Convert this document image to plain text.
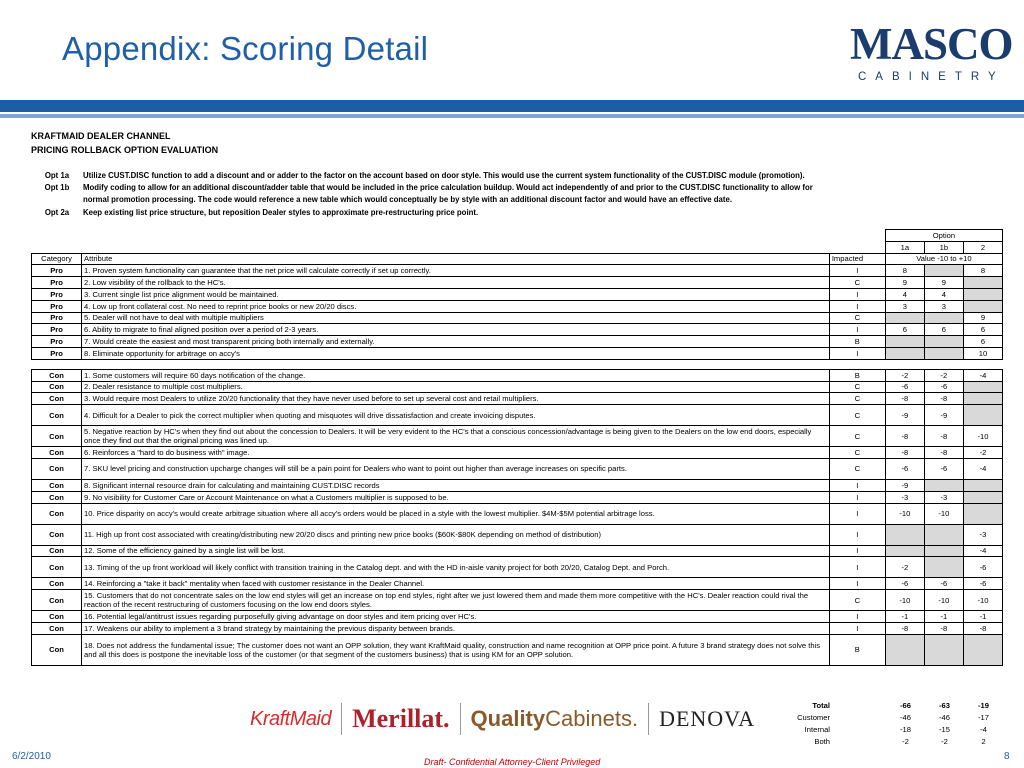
Appendix: Scoring Detail	MASCO
CABINETRY
KRAFTMAID DEALER CHANNEL
PRICING ROLLBACK OPTION EVALUATION
Opt 1a	Utilize CUST.DISC function to add a discount and or adder to the factor on the account based on door style. This would use the current system functionality of the CUST.DISC module (promotion).
Opt 1b	Modify coding to allow for an additional discount/adder table that would be included in the price calculation buildup. Would act independently of and prior to the CUST.DISC functionality to allow for normal promotion processing. The code would reference a new table which would conceptually be by style with an additional discount factor and would have an effective date.
Opt 2a	Keep existing list price structure, but reposition Dealer styles to approximate pre-restructuring price point.
			Option		
			1a	1b	2
Category	Attribute	Impacted	Value -10 to +10		
Pro	1. Proven system functionality can guarantee that the net price will calculate correctly if set up correctly.	I	8		8
Pro	2. Low visibility of the rollback to the HC's.	C	9	9	
Pro	3. Current single list price alignment would be maintained.	I	4	4	
Pro	4. Low up front collateral cost. No need to reprint price books or new 20/20 discs.	I	3	3	
Pro	5. Dealer will not have to deal with multiple multipliers	C			9
Pro	6. Ability to migrate to final aligned position over a period of 2-3 years.	I	6	6	6
Pro	7. Would create the easiest and most transparent pricing both internally and externally.	B			6
Pro	8. Eliminate opportunity for arbitrage on accy's	I			10

Con	1. Some customers will require 60 days notification of the change.	B	-2	-2	-4
Con	2. Dealer resistance to multiple cost multipliers.	C	-6	-6	
Con	3. Would require most Dealers to utilize 20/20 functionality that they have never used before to set up several cost and retail multipliers.	C	-8	-8	
Con	4. Difficult for a Dealer to pick the correct multiplier when quoting and misquotes will drive dissatisfaction and create invoicing disputes.	C	-9	-9	
Con	5. Negative reaction by HC's when they find out about the concession to Dealers. It will be very evident to the HC's that a conscious concession/advantage is being given to the Dealers on the low end doors, especially once they find out that the original pricing was lined up.	C	-8	-8	-10
Con	6. Reinforces a "hard to do business with" image.	C	-8	-8	-2
Con	7. SKU level pricing and construction upcharge changes will still be a pain point for Dealers who want to point out higher than average increases on specific parts.	C	-6	-6	-4
Con	8. Significant internal resource drain for calculating and maintaining CUST.DISC records	I	-9		
Con	9. No visibility for Customer Care or Account Maintenance on what a Customers multiplier is supposed to be.	I	-3	-3	
Con	10. Price disparity on accy's would create arbitrage situation where all accy's orders would be placed in a style with the lowest multiplier. $4M-$5M potential arbitrage loss.	I	-10	-10	
Con	11. High up front cost associated with creating/distributing new 20/20 discs and printing new price books ($60K-$80K depending on method of distribution)	I			-3
Con	12. Some of the efficiency gained by a single list will be lost.	I			-4
Con	13. Timing of the up front workload will likely conflict with transition training in the Catalog dept. and with the HD in-aisle vanity project for both 20/20, Catalog Dept. and Porch.	I	-2		-6
Con	14. Reinforcing a "take it back" mentality when faced with customer resistance in the Dealer Channel.	I	-6	-6	-6
Con	15. Customers that do not concentrate sales on the low end styles will get an increase on top end styles, right after we just lowered them and made them more competitive with the HC's. Dealer reaction could rival the reaction of the recent restructuring of customers focusing on the low end doors styles.	C	-10	-10	-10
Con	16. Potential legal/antitrust issues regarding purposefully giving advantage on door styles and item pricing over HC's.	I	-1	-1	-1
Con	17. Weakens our ability to implement a 3 brand strategy by maintaining the previous disparity between brands.	I	-8	-8	-8
Con	18. Does not address the fundamental issue; The customer does not want an OPP solution, they want KraftMaid quality, construction and name recognition at OPP price point. A future 3 brand strategy does not solve this and all this does is postpone the inevitable loss of the customer (or that segment of the customers business) that is using KM for an OPP solution.	B			
Total		-66	-63	-19
Customer		-46	-46	-17
Internal		-18	-15	-4
Both		-2	-2	2
KraftMaid Merillat. QualityCabinets. DENOVA
6/2/2010	Draft- Confidential Attorney-Client Privileged	8
